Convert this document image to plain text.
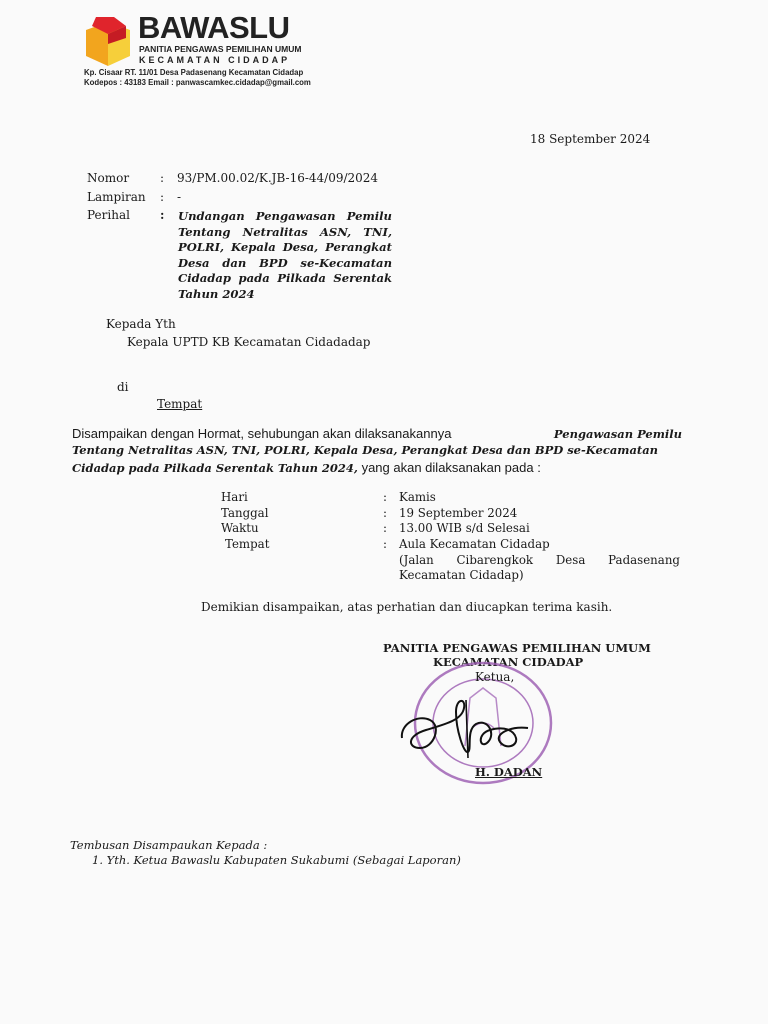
BAWASLU
PANITIA PENGAWAS PEMILIHAN UMUM
KECAMATAN CIDADAP
Kp. Cisaar RT. 11/01 Desa Padasenang Kecamatan Cidadap
Kodepos : 43183 Email : panwascamkec.cidadap@gmail.com
18 September 2024
Nomor	: 93/PM.00.02/K.JB-16-44/09/2024
Lampiran : -
Perihal	: Undangan Pengawasan Pemilu
Tentang Netralitas ASN, TNI,
POLRI, Kepala Desa, Perangkat
Desa dan BPD se-Kecamatan
Cidadap pada Pilkada Serentak
Tahun 2024
Kepada Yth
Kepala UPTD KB Kecamatan Cidadadap
di
Tempat
Disampaikan dengan Hormat, sehubungan akan dilaksanakannya	Pengawasan Pemilu
Tentang Netralitas ASN, TNI, POLRI, Kepala Desa, Perangkat Desa dan BPD se-Kecamatan
Cidadap pada Pilkada Serentak Tahun 2024, yang akan dilaksanakan pada :
Hari	: Kamis
Tanggal	: 19 September 2024
Waktu	: 13.00 WIB s/d Selesai
Tempat	: Aula Kecamatan Cidadap
(Jalan Cibarengkok Desa Padasenang
Kecamatan Cidadap)
Demikian disampaikan, atas perhatian dan diucapkan terima kasih.
PANITIA PENGAWAS PEMILIHAN UMUM
KECAMATAN CIDADAP
Ketua,
H. DADAN
Tembusan Disampaukan Kepada :
1. Yth. Ketua Bawaslu Kabupaten Sukabumi (Sebagai Laporan)
